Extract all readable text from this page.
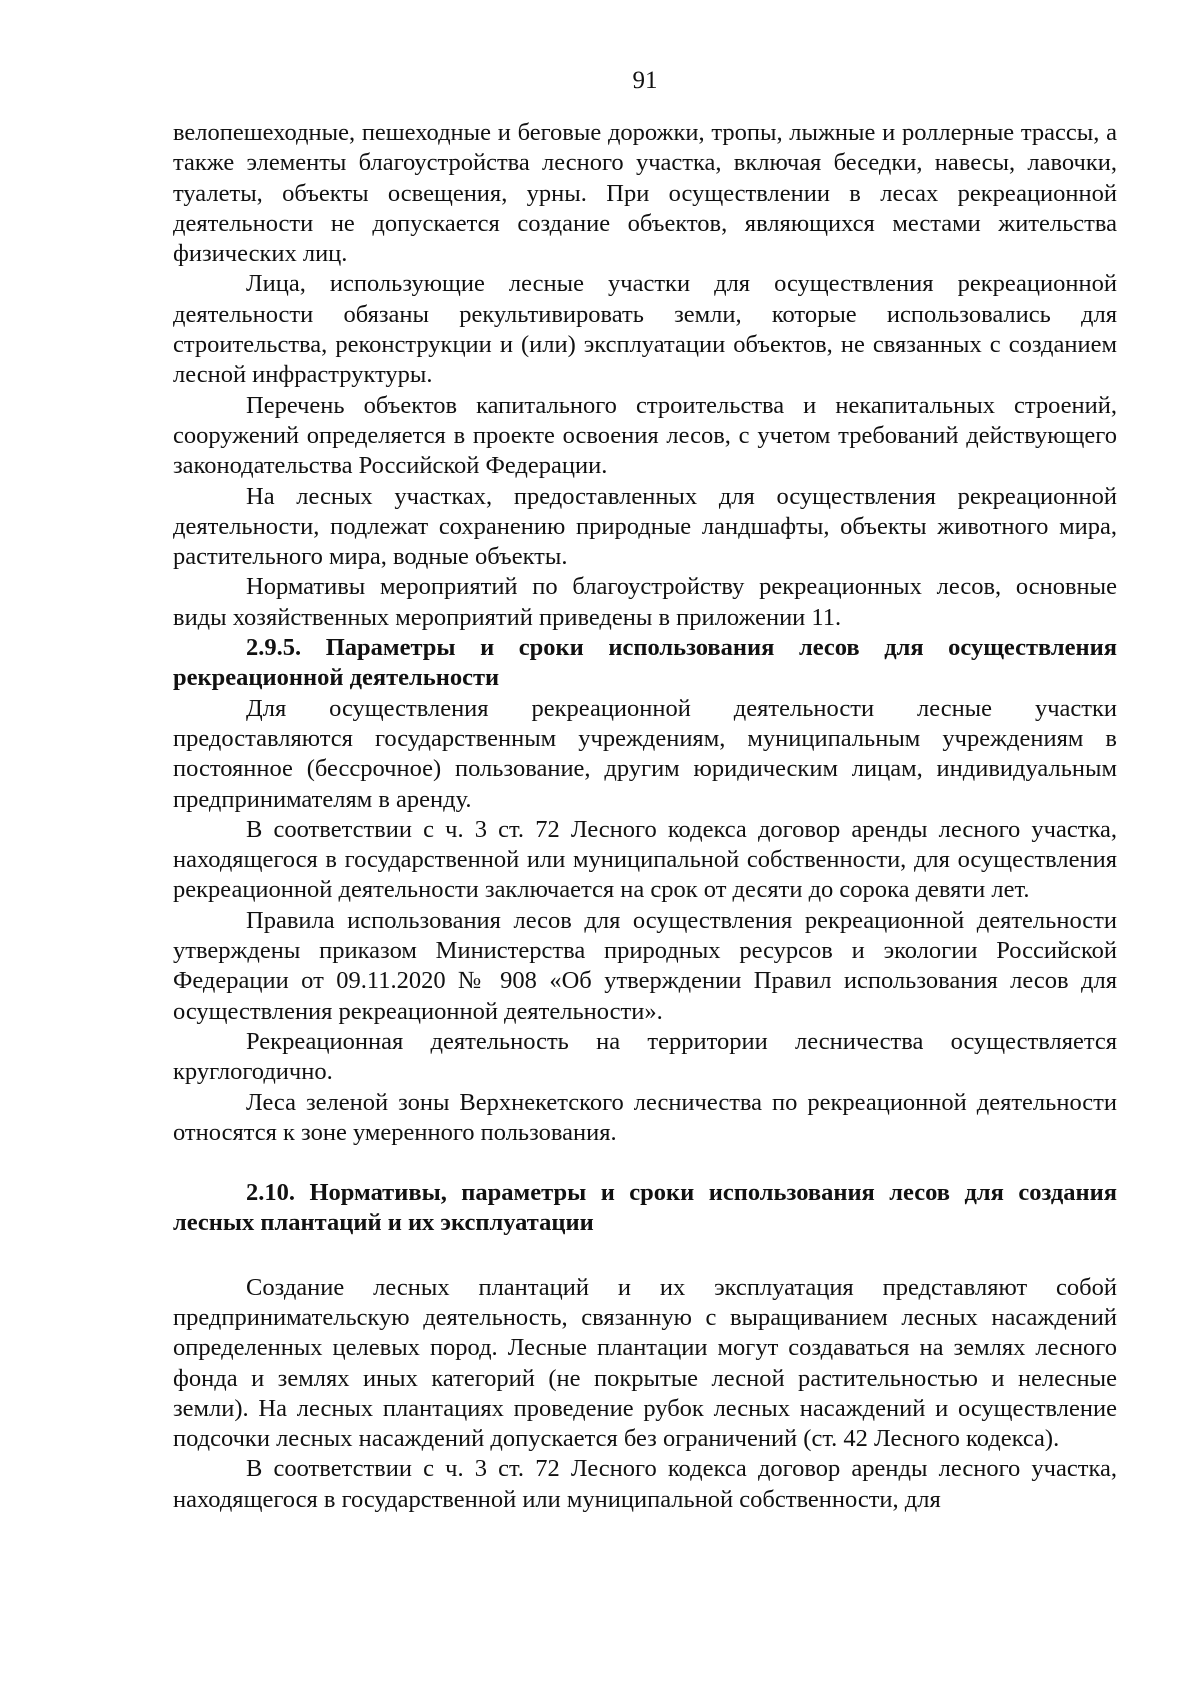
91

велопешеходные, пешеходные и беговые дорожки, тропы, лыжные и роллерные трассы, а также элементы благоустройства лесного участка, включая беседки, навесы, лавочки, туалеты, объекты освещения, урны. При осуществлении в лесах рекреационной деятельности не допускается создание объектов, являющихся местами жительства физических лиц.

Лица, использующие лесные участки для осуществления рекреационной деятельности обязаны рекультивировать земли, которые использовались для строительства, реконструкции и (или) эксплуатации объектов, не связанных с созданием лесной инфраструктуры.

Перечень объектов капитального строительства и некапитальных строений, сооружений определяется в проекте освоения лесов, с учетом требований действующего законодательства Российской Федерации.

На лесных участках, предоставленных для осуществления рекреационной деятельности, подлежат сохранению природные ландшафты, объекты животного мира, растительного мира, водные объекты.

Нормативы мероприятий по благоустройству рекреационных лесов, основные виды хозяйственных мероприятий приведены в приложении 11.

2.9.5. Параметры и сроки использования лесов для осуществления рекреационной деятельности

Для осуществления рекреационной деятельности лесные участки предоставляются государственным учреждениям, муниципальным учреждениям в постоянное (бессрочное) пользование, другим юридическим лицам, индивидуальным предпринимателям в аренду.

В соответствии с ч. 3 ст. 72 Лесного кодекса договор аренды лесного участка, находящегося в государственной или муниципальной собственности, для осуществления рекреационной деятельности заключается на срок от десяти до сорока девяти лет.

Правила использования лесов для осуществления рекреационной деятельности утверждены приказом Министерства природных ресурсов и экологии Российской Федерации от 09.11.2020 № 908 «Об утверждении Правил использования лесов для осуществления рекреационной деятельности».

Рекреационная деятельность на территории лесничества осуществляется круглогодично.

Леса зеленой зоны Верхнекетского лесничества по рекреационной деятельности относятся к зоне умеренного пользования.

2.10. Нормативы, параметры и сроки использования лесов для создания лесных плантаций и их эксплуатации

Создание лесных плантаций и их эксплуатация представляют собой предпринимательскую деятельность, связанную с выращиванием лесных насаждений определенных целевых пород. Лесные плантации могут создаваться на землях лесного фонда и землях иных категорий (не покрытые лесной растительностью и нелесные земли). На лесных плантациях проведение рубок лесных насаждений и осуществление подсочки лесных насаждений допускается без ограничений (ст. 42 Лесного кодекса).

В соответствии с ч. 3 ст. 72 Лесного кодекса договор аренды лесного участка, находящегося в государственной или муниципальной собственности, для
